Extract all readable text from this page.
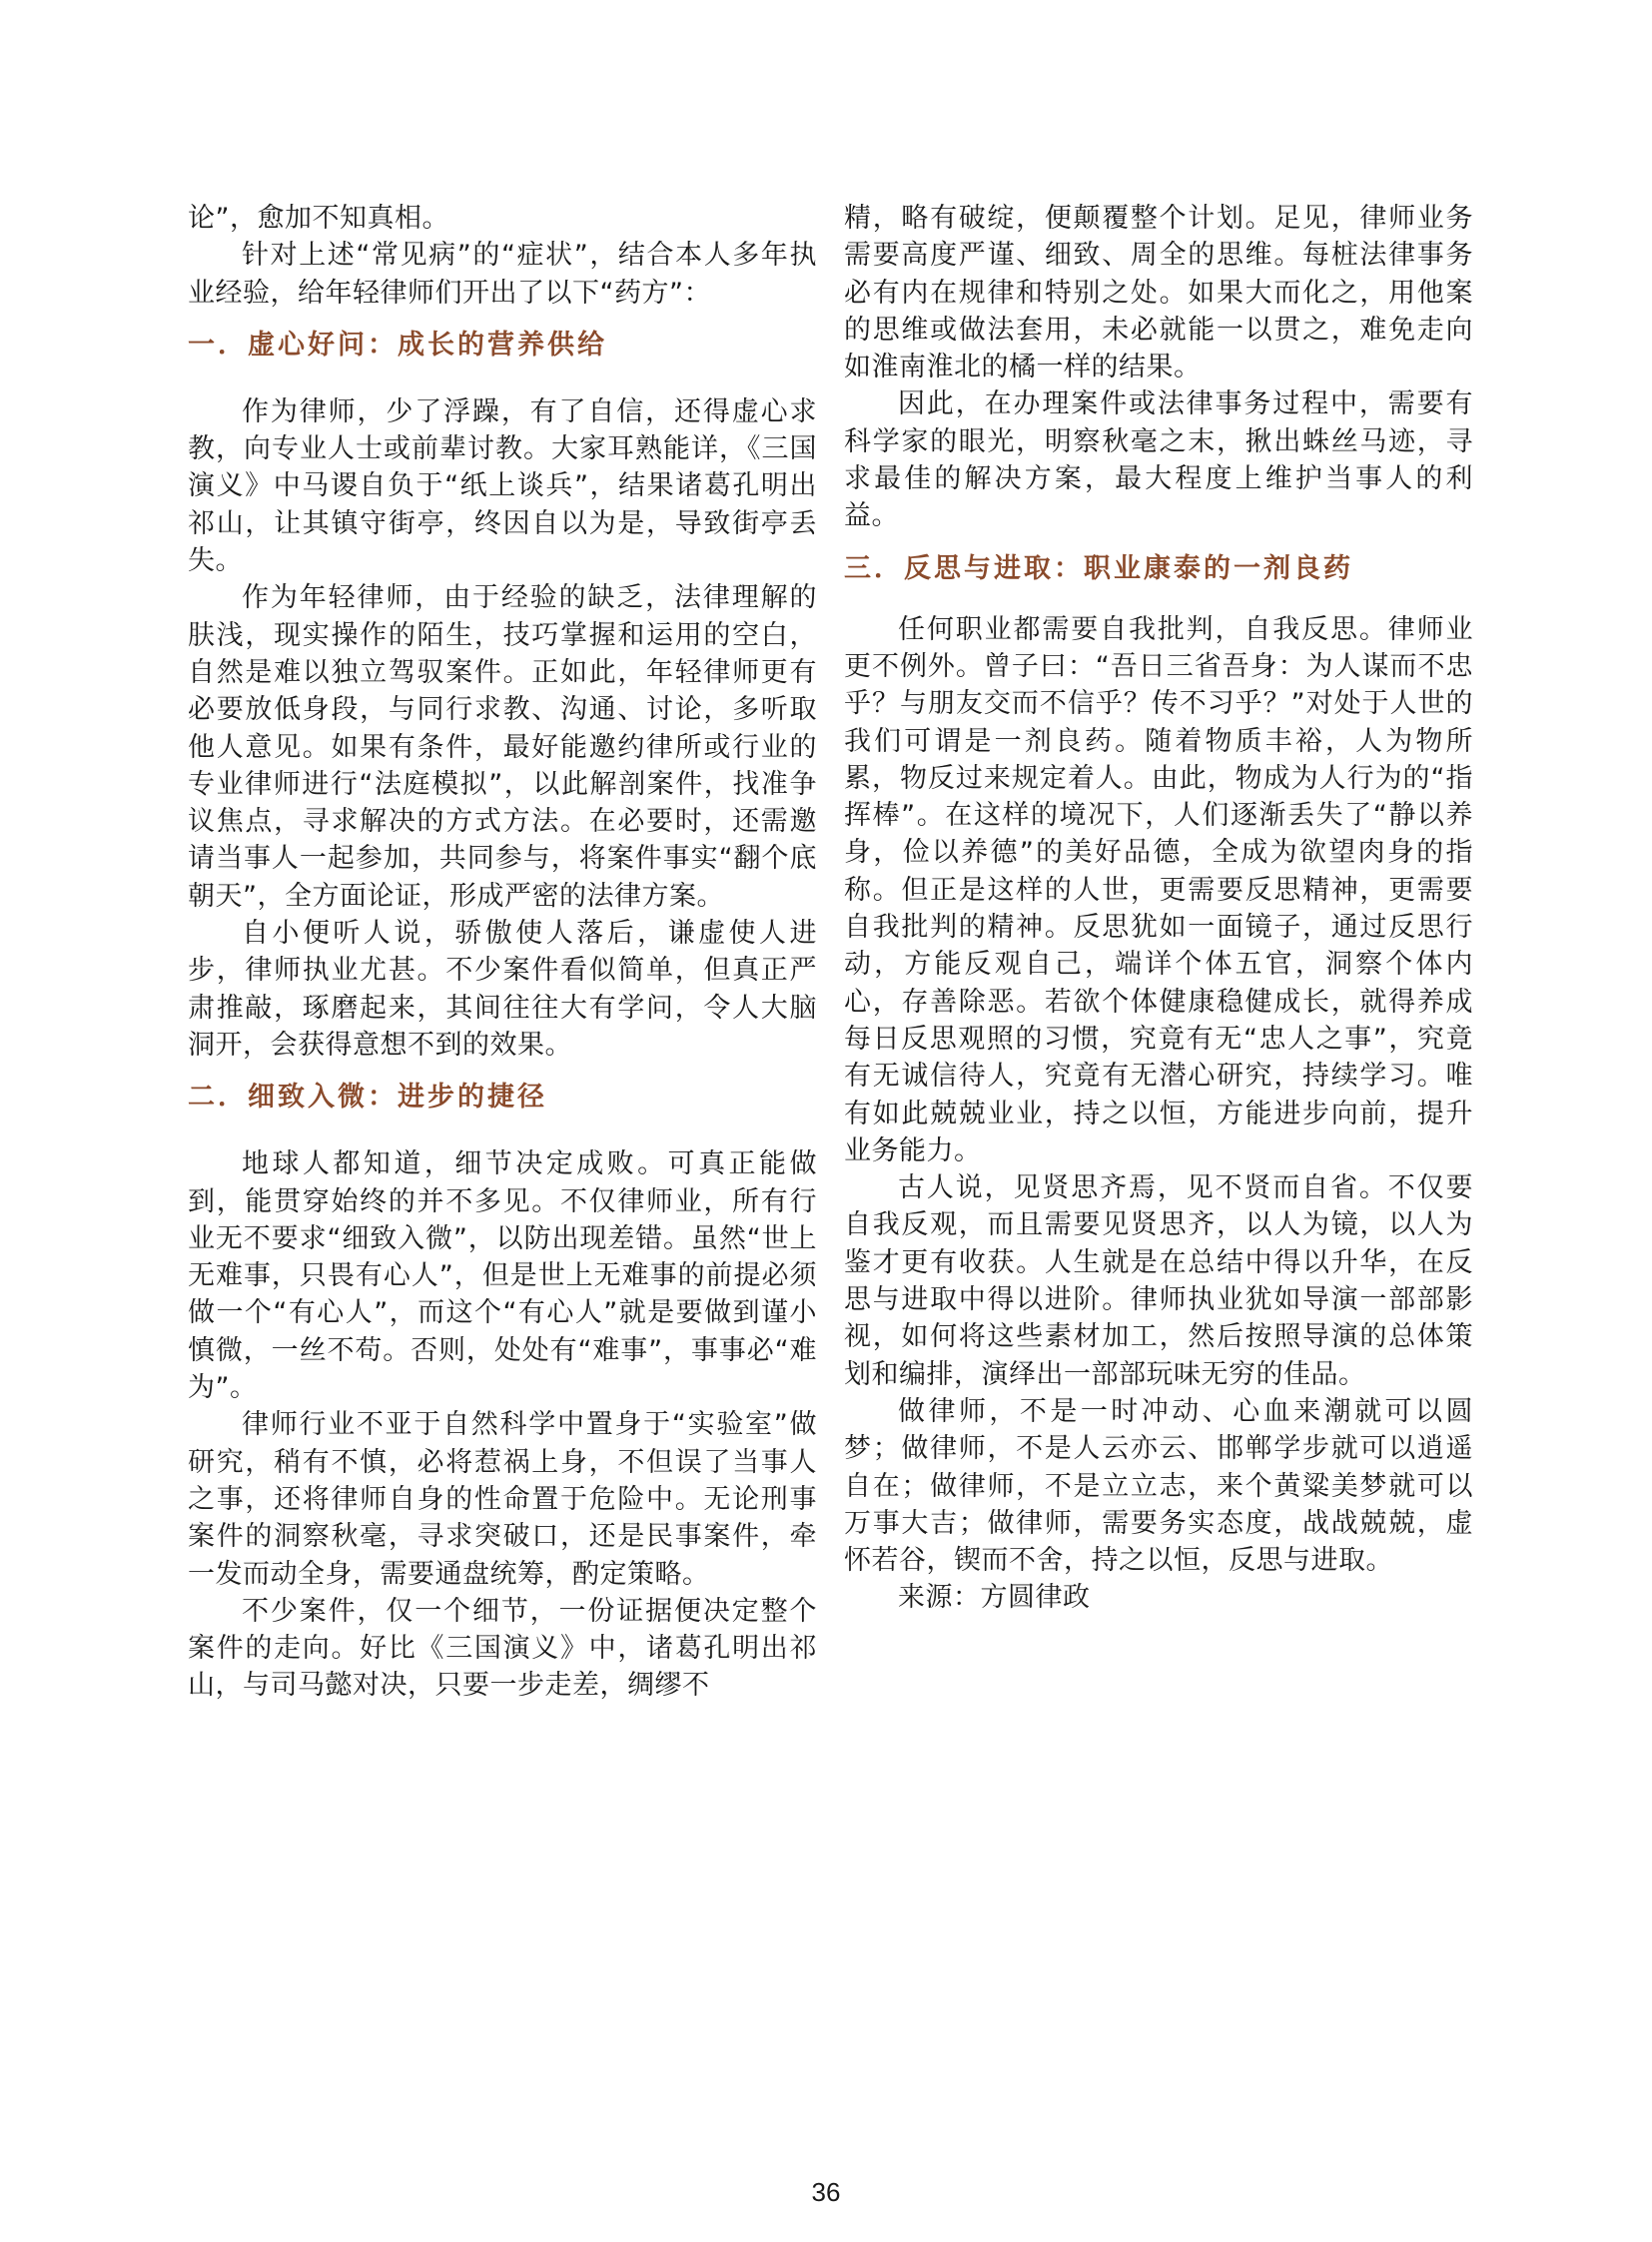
论”，愈加不知真相。

针对上述“常见病”的“症状”，结合本人多年执业经验，给年轻律师们开出了以下“药方”：

一．虚心好问：成长的营养供给

作为律师，少了浮躁，有了自信，还得虚心求教，向专业人士或前辈讨教。大家耳熟能详，《三国演义》中马谡自负于“纸上谈兵”，结果诸葛孔明出祁山，让其镇守街亭，终因自以为是，导致街亭丢失。

作为年轻律师，由于经验的缺乏，法律理解的肤浅，现实操作的陌生，技巧掌握和运用的空白，自然是难以独立驾驭案件。正如此，年轻律师更有必要放低身段，与同行求教、沟通、讨论，多听取他人意见。如果有条件，最好能邀约律所或行业的专业律师进行“法庭模拟”，以此解剖案件，找准争议焦点，寻求解决的方式方法。在必要时，还需邀请当事人一起参加，共同参与，将案件事实“翻个底朝天”，全方面论证，形成严密的法律方案。

自小便听人说，骄傲使人落后，谦虚使人进步，律师执业尤甚。不少案件看似简单，但真正严肃推敲，琢磨起来，其间往往大有学问，令人大脑洞开，会获得意想不到的效果。

二．细致入微：进步的捷径

地球人都知道，细节决定成败。可真正能做到，能贯穿始终的并不多见。不仅律师业，所有行业无不要求“细致入微”，以防出现差错。虽然“世上无难事，只畏有心人”，但是世上无难事的前提必须做一个“有心人”，而这个“有心人”就是要做到谨小慎微，一丝不苟。否则，处处有“难事”，事事必“难为”。

律师行业不亚于自然科学中置身于“实验室”做研究，稍有不慎，必将惹祸上身，不但误了当事人之事，还将律师自身的性命置于危险中。无论刑事案件的洞察秋毫，寻求突破口，还是民事案件，牵一发而动全身，需要通盘统筹，酌定策略。

不少案件，仅一个细节，一份证据便决定整个案件的走向。好比《三国演义》中，诸葛孔明出祁山，与司马懿对决，只要一步走差，绸缪不

精，略有破绽，便颠覆整个计划。足见，律师业务需要高度严谨、细致、周全的思维。每桩法律事务必有内在规律和特别之处。如果大而化之，用他案的思维或做法套用，未必就能一以贯之，难免走向如淮南淮北的橘一样的结果。

因此，在办理案件或法律事务过程中，需要有科学家的眼光，明察秋毫之末，揪出蛛丝马迹，寻求最佳的解决方案，最大程度上维护当事人的利益。

三．反思与进取：职业康泰的一剂良药

任何职业都需要自我批判，自我反思。律师业更不例外。曾子曰：“吾日三省吾身：为人谋而不忠乎？与朋友交而不信乎？传不习乎？”对处于人世的我们可谓是一剂良药。随着物质丰裕，人为物所累，物反过来规定着人。由此，物成为人行为的“指挥棒”。在这样的境况下，人们逐渐丢失了“静以养身，俭以养德”的美好品德，全成为欲望肉身的指称。但正是这样的人世，更需要反思精神，更需要自我批判的精神。反思犹如一面镜子，通过反思行动，方能反观自己，端详个体五官，洞察个体内心，存善除恶。若欲个体健康稳健成长，就得养成每日反思观照的习惯，究竟有无“忠人之事”，究竟有无诚信待人，究竟有无潜心研究，持续学习。唯有如此兢兢业业，持之以恒，方能进步向前，提升业务能力。

古人说，见贤思齐焉，见不贤而自省。不仅要自我反观，而且需要见贤思齐，以人为镜，以人为鉴才更有收获。人生就是在总结中得以升华，在反思与进取中得以进阶。律师执业犹如导演一部部影视，如何将这些素材加工，然后按照导演的总体策划和编排，演绎出一部部玩味无穷的佳品。

做律师，不是一时冲动、心血来潮就可以圆梦；做律师，不是人云亦云、邯郸学步就可以逍遥自在；做律师，不是立立志，来个黄粱美梦就可以万事大吉；做律师，需要务实态度，战战兢兢，虚怀若谷，锲而不舍，持之以恒，反思与进取。

来源：方圆律政

36
